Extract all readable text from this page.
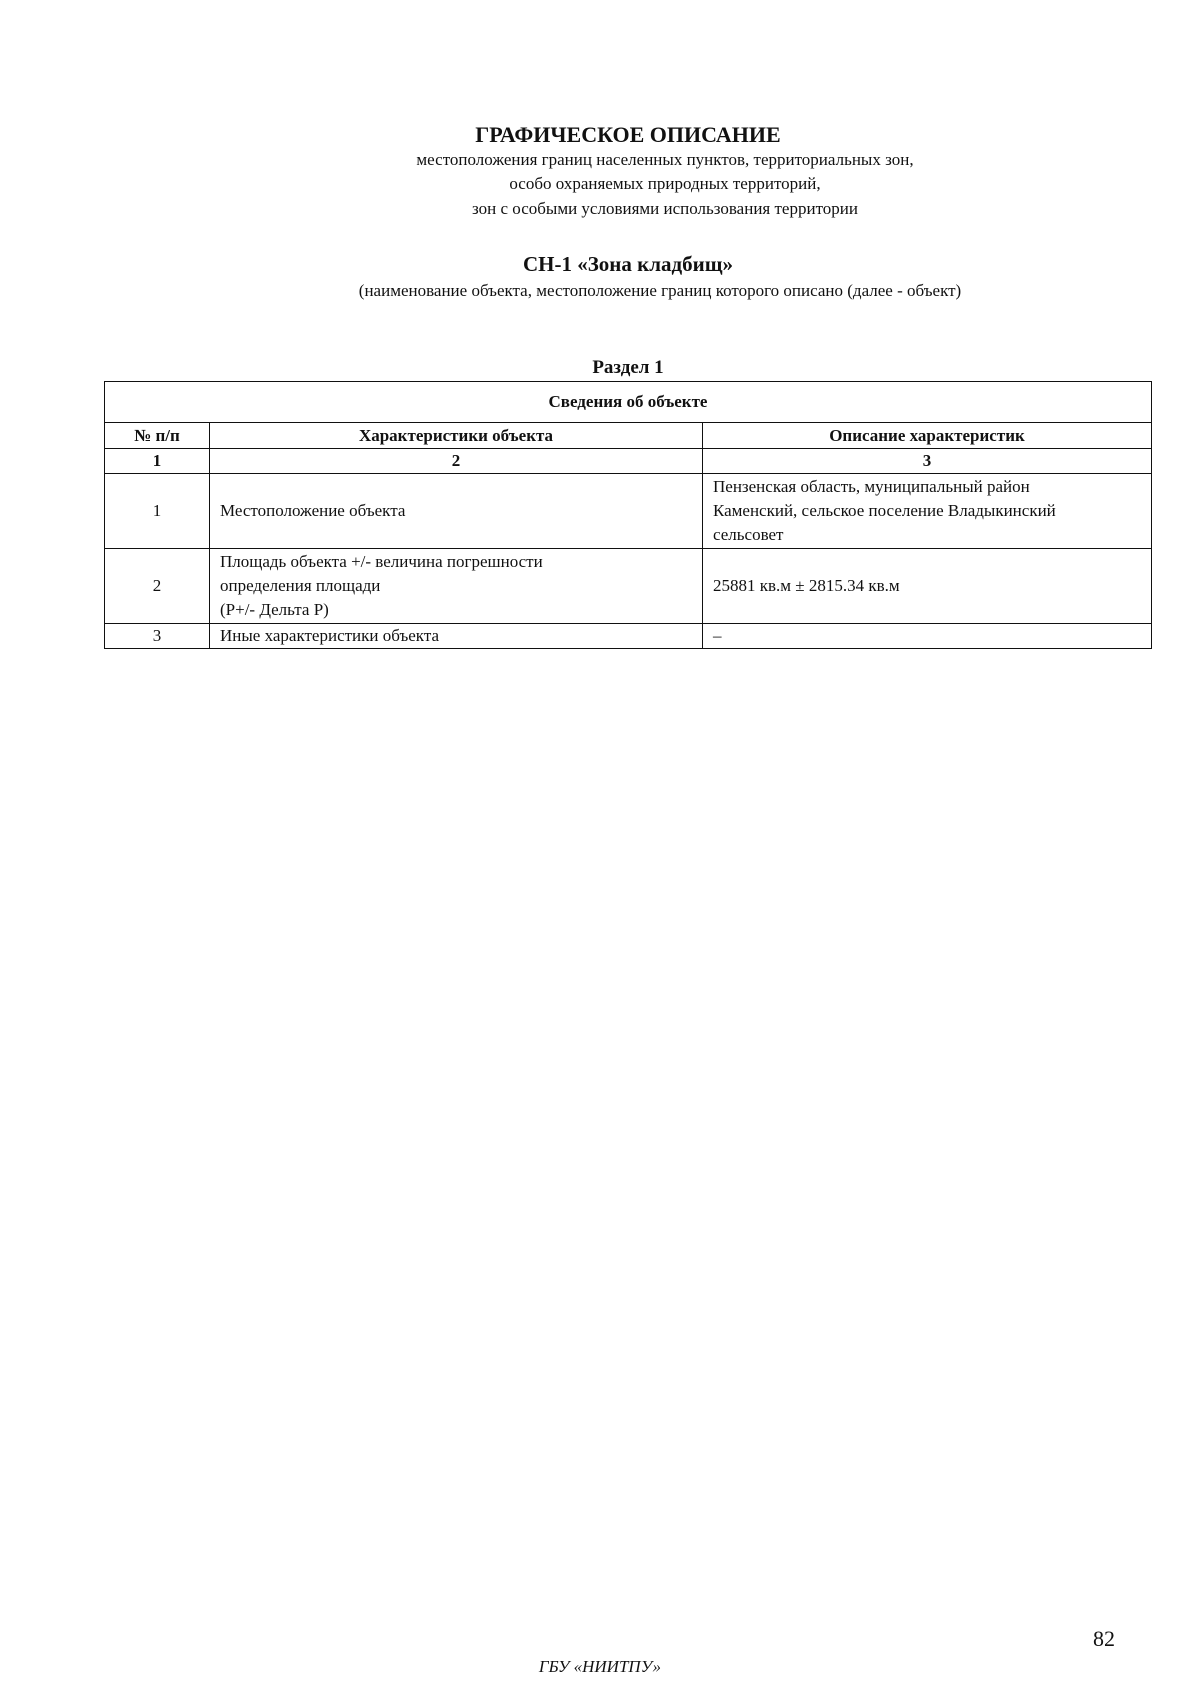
ГРАФИЧЕСКОЕ ОПИСАНИЕ
местоположения границ населенных пунктов, территориальных зон,
особо охраняемых природных территорий,
зон с особыми условиями использования территории
СН-1 «Зона кладбищ»
(наименование объекта, местоположение границ которого описано (далее - объект)
Раздел 1
Сведения об объекте		
№ п/п	Характеристики объекта	Описание характеристик
1	2	3
1	Местоположение объекта	Пензенская область, муниципальный район
Каменский, сельское поселение Владыкинский
сельсовет

2	Площадь объекта +/- величина погрешности
определения площади
(P+/- Дельта P)	25881 кв.м ± 2815.34 кв.м

3	Иные характеристики объекта	–
82
ГБУ «НИИТПУ»
